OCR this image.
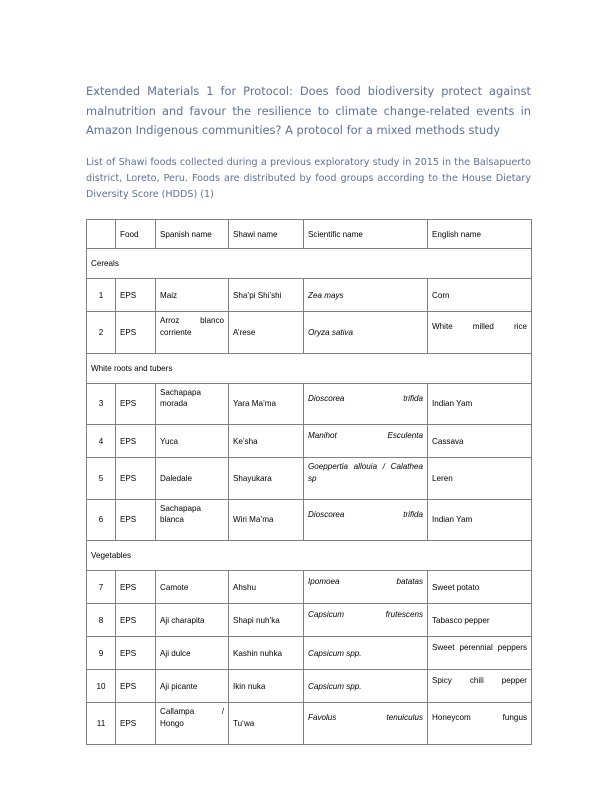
Extended Materials 1 for Protocol: Does food biodiversity protect against malnutrition and favour the resilience to climate change-related events in Amazon Indigenous communities? A protocol for a mixed methods study

List of Shawi foods collected during a previous exploratory study in 2015 in the Balsapuerto district, Loreto, Peru. Foods are distributed by food groups according to the House Dietary Diversity Score (HDDS) (1)

	Food	Spanish name	Shawi name	Scientific name	English name
Cereals					
1	EPS	Maiz	Sha’pi Shi’shi	Zea mays	Corn
2	EPS	Arroz blanco corriente	A’rese	Oryza sativa	White milled rice

White roots and tubers					
3	EPS	Sachapapa morada	Yara Ma’ma	Dioscorea trifida	Indian Yam
4	EPS	Yuca	Ke’sha	Manihot Esculenta	Cassava
5	EPS	Daledale	Shayukara	Goeppertia allouia / Calathea sp	Leren
6	EPS	Sachapapa blanca	Wiri Ma’ma	Dioscorea trifida	Indian Yam
Vegetables					
7	EPS	Camote	Ahshu	Ipomoea batatas	Sweet potato
8	EPS	Aji charapita	Shapi nuh’ka	Capsicum frutescens	Tabasco pepper
9	EPS	Aji dulce	Kashin nuhka	Capsicum spp.	Sweet perennial peppers

10	EPS	Aji picante	Ikin nuka	Capsicum spp.	Spicy chili pepper

11	EPS	Callampa / Hongo	Tu‘wa	Favolus tenuiculus	Honeycom fungus
